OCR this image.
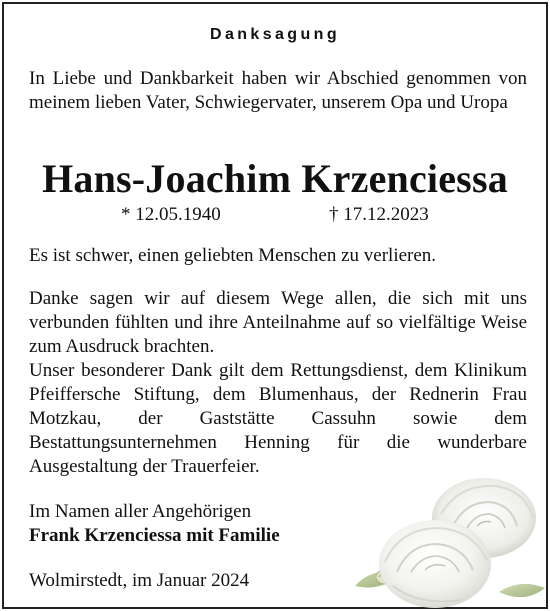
Danksagung

In Liebe und Dankbarkeit haben wir Abschied genommen von meinem lieben Vater, Schwiegervater, unserem Opa und Uropa

Hans-Joachim Krzenciessa
* 12.05.1940	† 17.12.2023

Es ist schwer, einen geliebten Menschen zu verlieren.

Danke sagen wir auf diesem Wege allen, die sich mit uns verbunden fühlten und ihre Anteilnahme auf so vielfältige Weise zum Ausdruck brachten.

Unser besonderer Dank gilt dem Rettungsdienst, dem Klinikum Pfeiffersche Stiftung, dem Blumenhaus, der Rednerin Frau Motzkau, der Gaststätte Cassuhn sowie dem Bestattungsunternehmen Henning für die wunderbare Ausgestaltung der Trauerfeier.

Im Namen aller Angehörigen
Frank Krzenciessa mit Familie
Wolmirstedt, im Januar 2024
